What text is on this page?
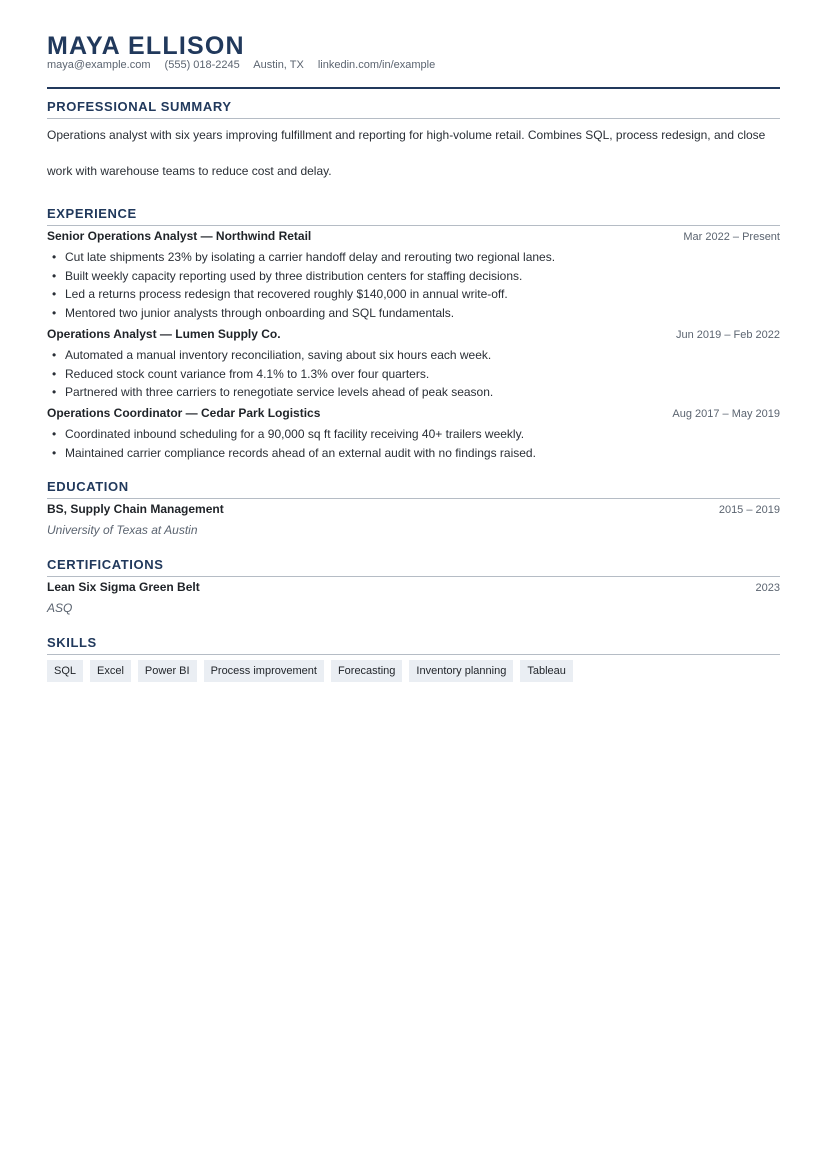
MAYA ELLISON
maya@example.com (555) 018-2245 Austin, TX linkedin.com/in/example
PROFESSIONAL SUMMARY
Operations analyst with six years improving fulfillment and reporting for high-volume retail. Combines SQL, process redesign, and close work with warehouse teams to reduce cost and delay.
EXPERIENCE
Senior Operations Analyst — Northwind Retail	Mar 2022 – Present
• Cut late shipments 23% by isolating a carrier handoff delay and rerouting two regional lanes.
• Built weekly capacity reporting used by three distribution centers for staffing decisions.
• Led a returns process redesign that recovered roughly $140,000 in annual write-off.
• Mentored two junior analysts through onboarding and SQL fundamentals.
Operations Analyst — Lumen Supply Co.	Jun 2019 – Feb 2022
• Automated a manual inventory reconciliation, saving about six hours each week.
• Reduced stock count variance from 4.1% to 1.3% over four quarters.
• Partnered with three carriers to renegotiate service levels ahead of peak season.
Operations Coordinator — Cedar Park Logistics	Aug 2017 – May 2019
• Coordinated inbound scheduling for a 90,000 sq ft facility receiving 40+ trailers weekly.
• Maintained carrier compliance records ahead of an external audit with no findings raised.
EDUCATION
BS, Supply Chain Management	2015 – 2019
University of Texas at Austin
CERTIFICATIONS
Lean Six Sigma Green Belt	2023
ASQ
SKILLS
SQL	Excel	Power BI	Process improvement	Forecasting	Inventory planning	Tableau
